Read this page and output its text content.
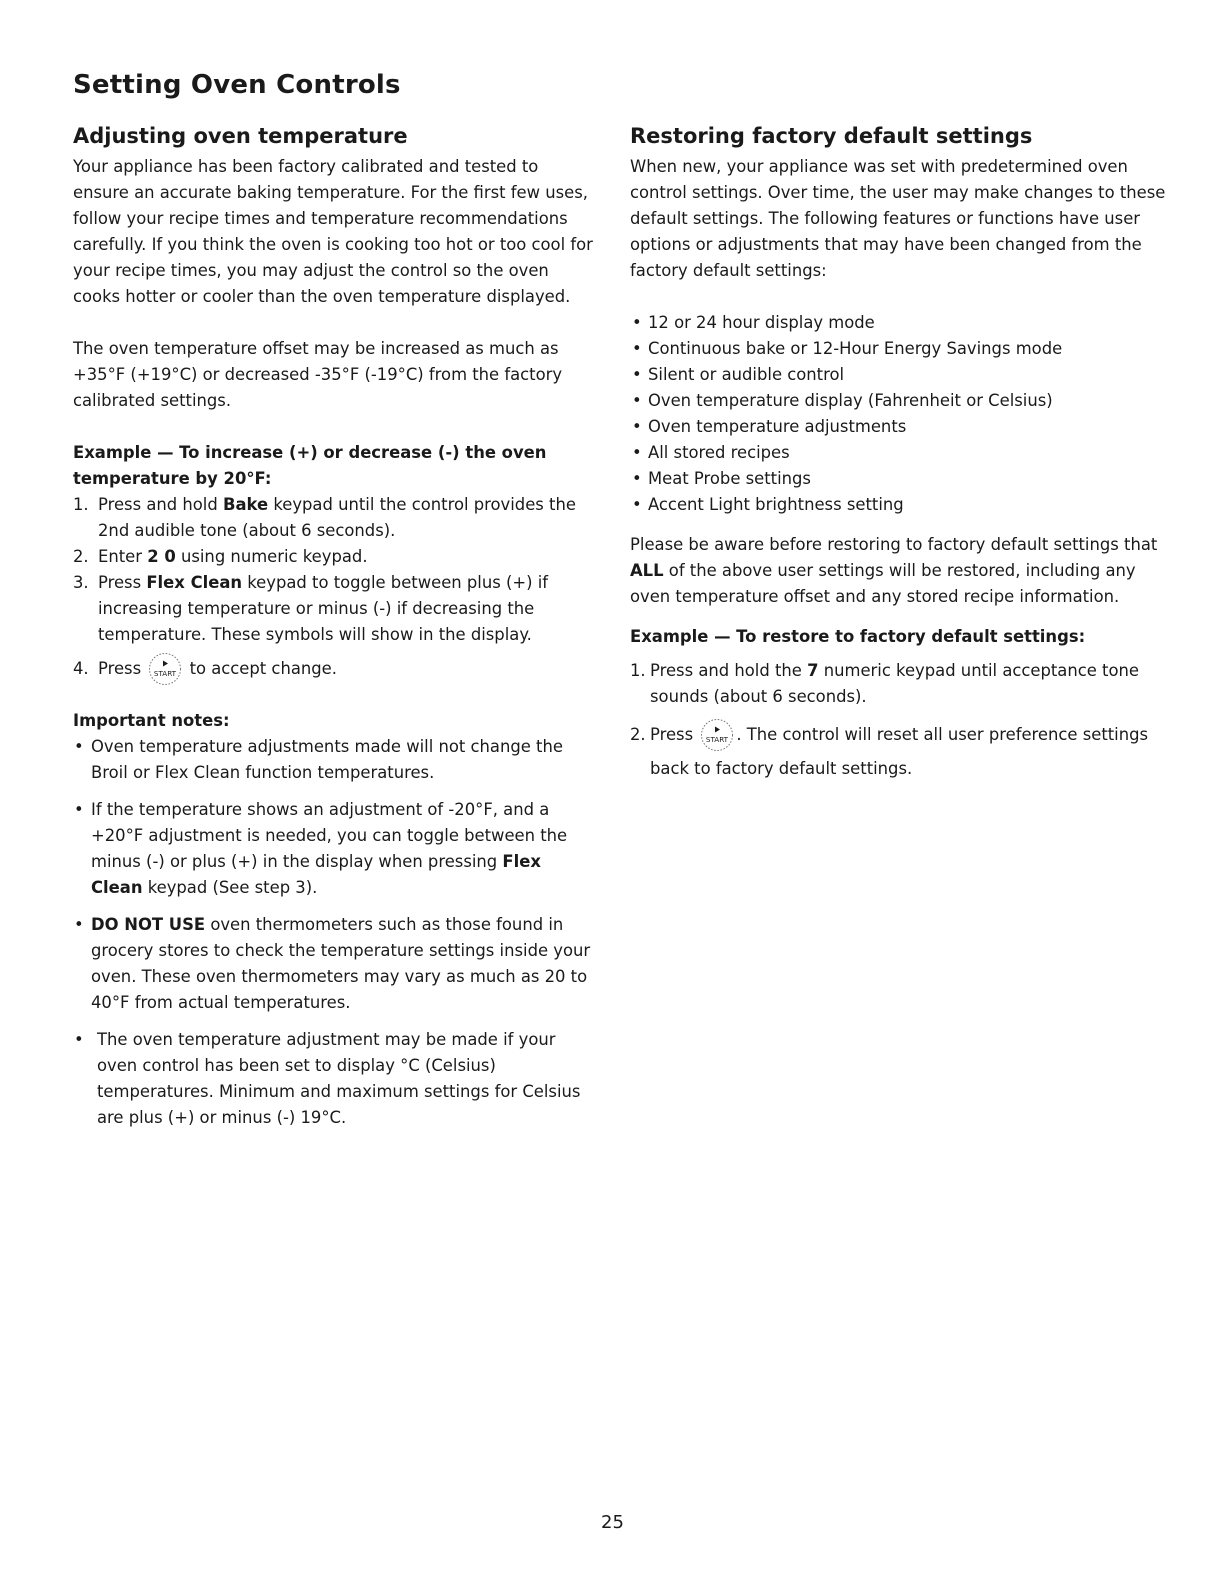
Setting Oven Controls
Adjusting oven temperature

Your appliance has been factory calibrated and tested to ensure an accurate baking temperature. For the first few uses, follow your recipe times and temperature recommendations carefully. If you think the oven is cooking too hot or too cool for your recipe times, you may adjust the control so the oven cooks hotter or cooler than the oven temperature displayed.

The oven temperature offset may be increased as much as +35°F (+19°C) or decreased -35°F (-19°C) from the factory calibrated settings.

Example — To increase (+) or decrease (-) the oven temperature by 20°F:
1. Press and hold Bake keypad until the control provides the 2nd audible tone (about 6 seconds).
2. Enter 2 0 using numeric keypad.
3. Press Flex Clean keypad to toggle between plus (+) if increasing temperature or minus (-) if decreasing the temperature. These symbols will show in the display.
4. Press START to accept change.
Important notes:
• Oven temperature adjustments made will not change the Broil or Flex Clean function temperatures.
• If the temperature shows an adjustment of -20°F, and a +20°F adjustment is needed, you can toggle between the minus (-) or plus (+) in the display when pressing Flex Clean keypad (See step 3).
• DO NOT USE oven thermometers such as those found in grocery stores to check the temperature settings inside your oven. These oven thermometers may vary as much as 20 to 40°F from actual temperatures.
• The oven temperature adjustment may be made if your oven control has been set to display °C (Celsius) temperatures. Minimum and maximum settings for Celsius are plus (+) or minus (-) 19°C.
Restoring factory default settings

When new, your appliance was set with predetermined oven control settings. Over time, the user may make changes to these default settings. The following features or functions have user options or adjustments that may have been changed from the factory default settings:

• 12 or 24 hour display mode
• Continuous bake or 12-Hour Energy Savings mode
• Silent or audible control
• Oven temperature display (Fahrenheit or Celsius)
• Oven temperature adjustments
• All stored recipes
• Meat Probe settings
• Accent Light brightness setting

Please be aware before restoring to factory default settings that ALL of the above user settings will be restored, including any oven temperature offset and any stored recipe information.

Example — To restore to factory default settings:
1. Press and hold the 7 numeric keypad until acceptance tone sounds (about 6 seconds).
2. Press START . The control will reset all user preference settings back to factory default settings.
25
